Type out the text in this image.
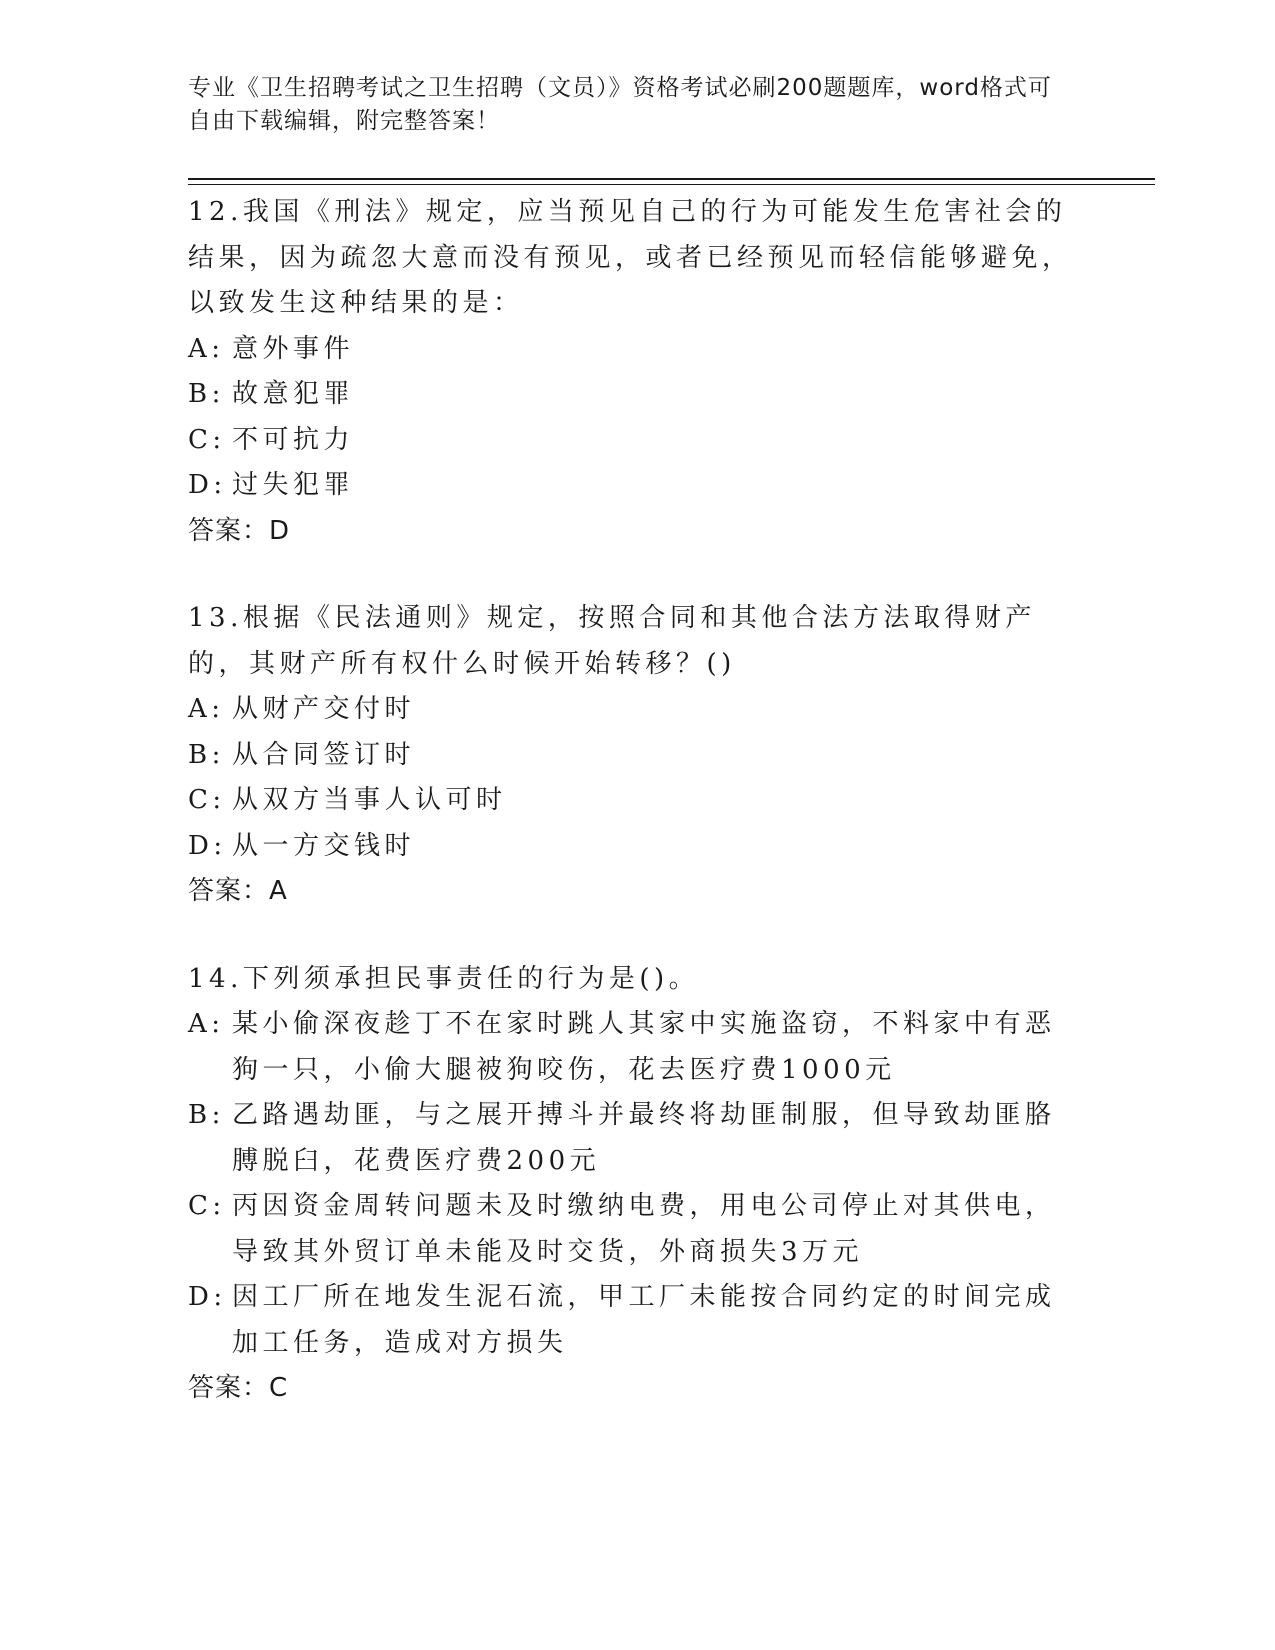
专业《卫生招聘考试之卫生招聘（文员）》资格考试必刷200题题库，word格式可自由下载编辑，附完整答案！
12.我国《刑法》规定，应当预见自己的行为可能发生危害社会的结果，因为疏忽大意而没有预见，或者已经预见而轻信能够避免，以致发生这种结果的是：
A: 意外事件
B: 故意犯罪
C: 不可抗力
D: 过失犯罪
答案： D
13.根据《民法通则》规定，按照合同和其他合法方法取得财产的，其财产所有权什么时候开始转移？()
A: 从财产交付时
B: 从合同签订时
C: 从双方当事人认可时
D: 从一方交钱时
答案： A
14.下列须承担民事责任的行为是()。
A: 某小偷深夜趁丁不在家时跳人其家中实施盗窃，不料家中有恶狗一只，小偷大腿被狗咬伤，花去医疗费1000元
B: 乙路遇劫匪，与之展开搏斗并最终将劫匪制服，但导致劫匪胳膊脱臼，花费医疗费200元
C: 丙因资金周转问题未及时缴纳电费，用电公司停止对其供电，导致其外贸订单未能及时交货，外商损失3万元
D: 因工厂所在地发生泥石流，甲工厂未能按合同约定的时间完成加工任务，造成对方损失
答案： C
